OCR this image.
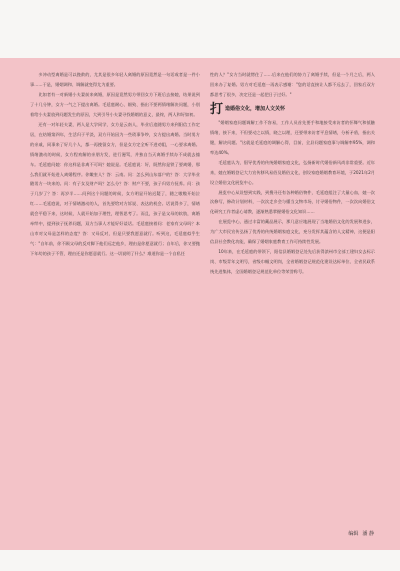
多冲动型离婚是可以挽救的，尤其是很多年轻人离婚的原因竟然是一句话或者是一件小事……于是，婚姻调和、调解就变得尤为重要。

比如者有一对新婚小夫妻前来离婚，原因是竟然男方带回女方下班后去接她，结果说到了十几分钟，女方一气之下提出离婚。毛延庭耐心、细致、指出不要两情绪解决问题，小别着给小夫妻放到问题发生的原因，大到引导小夫妻寻找婚姻的意义，最终，两人和好如初。

还有一对年轻夫妻，两人是大学同学，女方是云南人，毕业后追随男方来到阳信工作定居，在结婚第四年，生活归于平淡，双方开始因为一些琐事争吵，女方提出离婚。当时男方的亲戚，同事来了好几个人，都一再挽留女方，但是女方定全听不进劝阻，一心要求离婚。情绪激动的时候，女方程劝解的亲朋方发，进行谩骂，并独自当天离婚手续办不成就去撞车。毛延庭问她：你这样是非离不可吗？她说是。毛延庭说：好，既然你是铁了要离婚，那么我们就开始进入离婚程序。你嫩室人？答：云南。问：怎么到山东落户的？答：大学毕业随男方一块来的。问：有子女及财产吗？怎么分？答：财产不要，孩子归男方抚养。问：孩子几岁了？答：再岁半……问到这个问题的时候，女方明显开始迟疑了，随之嗷嗷开始泣红……毛延庭说，对于情绪激动的人，首先要给对方诉说、表达的机会。话说得多了，情绪就会平稳下来，这时候，人就开始加于理性，理智思考了。而且，孩子是父母的软肋，离婚牵绊中，提到孩子抚养问题，双方当事人才能好好谈话。毛延庭接着问：老家有父母吗？本山市对父母是怎样的态度？答：又母反对，但是只要我愿意就行。听到这，毛延庭似乎生气："自年前，你不顾父母的反对脚下他们远走他乡，理由是你愿意就行；自年后，你又要抛下年幼的孩子不管，理由还是你愿意就行。这一切说明了什么？难道你是一个自私任

性的人？"女方当时就愣住了……后来在他们的协力了离婚手续，但是一个月之后，两人回来办了复婚。男方对毛延庭一再表示感谢："您的话直接让人都不远去了，回家后双方都思考了很多，决定还是一起把日子过好。"

打 造婚俗文化，增加人文关怀

"婚姻家庭问题调解工作不容易，工作人员首先要手和地接受来访者的怀舞气和抵触情绪，接下来，不但要动之以情，晓之以理，还要带来访者平息情绪，分析矛盾，指出关键，解决问题。"这就是毛延庭的调解心得，目前，全县问题家庭事与调解率95%，调和率达40%。

毛延庭认为，倡导优秀的传统婚姻家庭文化，弘扬新时代婚俗新风尚非常重要。近年来，她在婚姻登记大力宣传移风易俗及婚俗文化，创设家庭婚姻教育环境，于2021年2月设立婚俗文化展览中心。

展览中心从设想到实践，到搜寻还有各种婚俗物件，毛延庭组注了大量心血，她一次次修写，修改计划材料，一次次走乡会与懂当文物市场，讨寻婚俗物件，一次次向婚俗文化研究工作者虚心请教，逐渐熟悉掌握婚俗文化知识……

在展览中心，通过丰富的藏品展示，那几意应地展现了当地婚俗文化的发展和进步，为广大市民宣传弘扬了优秀的传统婚姻家庭文化，充分发挥其蕴含的人文精神，这便是阳信县社会教化功能，确保了婚姻家庭教育工作可持续性发展。

10年来，在毛延庭的带领下，阳信县婚姻登记处先后获得滨州市全部工建妇女去标示岗、市级青年文明号，省级巾帼文明岗，全省婚姻登记规范化建设达标单位、全省民政系统先进集体，全国婚姻登记规范化单位等荣誉称号。

编辑 潘 静
